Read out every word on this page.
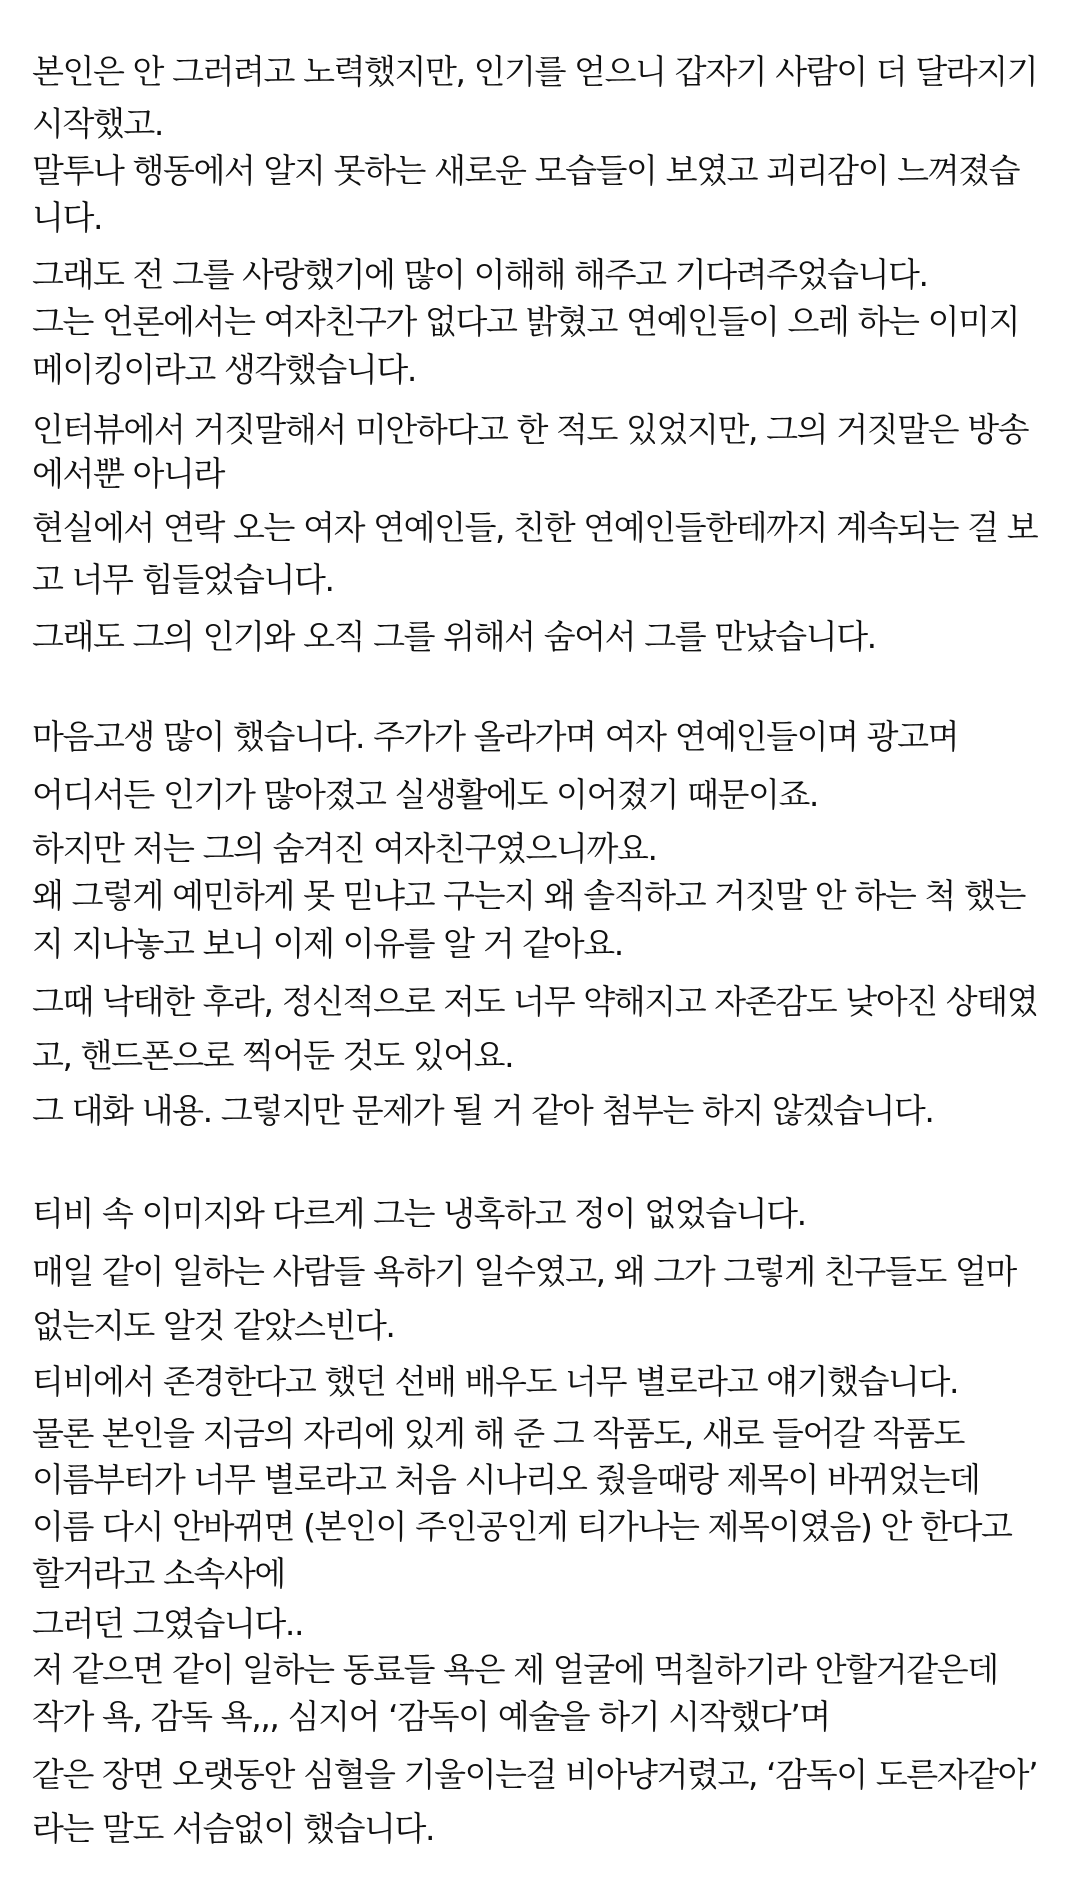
본인은 안 그러려고 노력했지만, 인기를 얻으니 갑자기 사람이 더 달라지기
시작했고.
말투나 행동에서 알지 못하는 새로운 모습들이 보였고 괴리감이 느껴졌습
니다.
그래도 전 그를 사랑했기에 많이 이해해 해주고 기다려주었습니다.
그는 언론에서는 여자친구가 없다고 밝혔고 연예인들이 으레 하는 이미지
메이킹이라고 생각했습니다.
인터뷰에서 거짓말해서 미안하다고 한 적도 있었지만, 그의 거짓말은 방송
에서뿐 아니라
현실에서 연락 오는 여자 연예인들, 친한 연예인들한테까지 계속되는 걸 보
고 너무 힘들었습니다.
그래도 그의 인기와 오직 그를 위해서 숨어서 그를 만났습니다.
마음고생 많이 했습니다. 주가가 올라가며 여자 연예인들이며 광고며
어디서든 인기가 많아졌고 실생활에도 이어졌기 때문이죠.
하지만 저는 그의 숨겨진 여자친구였으니까요.
왜 그렇게 예민하게 못 믿냐고 구는지 왜 솔직하고 거짓말 안 하는 척 했는
지 지나놓고 보니 이제 이유를 알 거 같아요.
그때 낙태한 후라, 정신적으로 저도 너무 약해지고 자존감도 낮아진 상태였
고, 핸드폰으로 찍어둔 것도 있어요.
그 대화 내용. 그렇지만 문제가 될 거 같아 첨부는 하지 않겠습니다.
티비 속 이미지와 다르게 그는 냉혹하고 정이 없었습니다.
매일 같이 일하는 사람들 욕하기 일수였고, 왜 그가 그렇게 친구들도 얼마
없는지도 알것 같았스빈다.
티비에서 존경한다고 했던 선배 배우도 너무 별로라고 얘기했습니다.
물론 본인을 지금의 자리에 있게 해 준 그 작품도, 새로 들어갈 작품도
이름부터가 너무 별로라고 처음 시나리오 줬을때랑 제목이 바뀌었는데
이름 다시 안바뀌면 (본인이 주인공인게 티가나는 제목이였음) 안 한다고
할거라고 소속사에
그러던 그였습니다..
저 같으면 같이 일하는 동료들 욕은 제 얼굴에 먹칠하기라 안할거같은데
작가 욕, 감독 욕,,, 심지어 ‘감독이 예술을 하기 시작했다’며
같은 장면 오랫동안 심혈을 기울이는걸 비아냥거렸고, ‘감독이 도른자같아’
라는 말도 서슴없이 했습니다.
